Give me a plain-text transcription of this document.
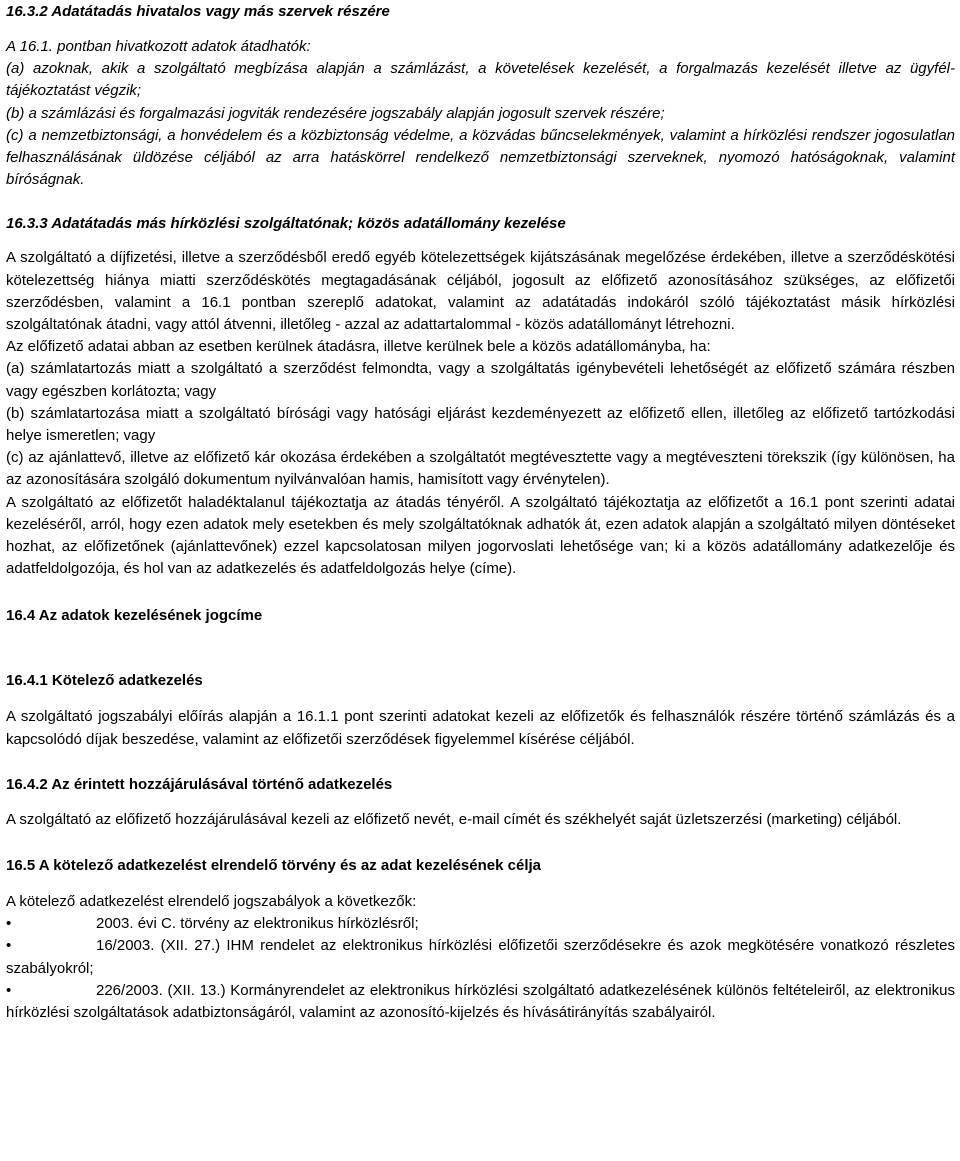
16.3.2 Adatátadás hivatalos vagy más szervek részére

A 16.1. pontban hivatkozott adatok átadhatók:

(a) azoknak, akik a szolgáltató megbízása alapján a számlázást, a követelések kezelését, a forgalmazás kezelését illetve az ügyfél-tájékoztatást végzik;

(b) a számlázási és forgalmazási jogviták rendezésére jogszabály alapján jogosult szervek részére;

(c) a nemzetbiztonsági, a honvédelem és a közbiztonság védelme, a közvádas bűncselekmények, valamint a hírközlési rendszer jogosulatlan felhasználásának üldözése céljából az arra hatáskörrel rendelkező nemzetbiztonsági szerveknek, nyomozó hatóságoknak, valamint bíróságnak.

16.3.3 Adatátadás más hírközlési szolgáltatónak; közös adatállomány kezelése

A szolgáltató a díjfizetési, illetve a szerződésből eredő egyéb kötelezettségek kijátszásának megelőzése érdekében, illetve a szerződéskötési kötelezettség hiánya miatti szerződéskötés megtagadásának céljából, jogosult az előfizető azonosításához szükséges, az előfizetői szerződésben, valamint a 16.1 pontban szereplő adatokat, valamint az adatátadás indokáról szóló tájékoztatást másik hírközlési szolgáltatónak átadni, vagy attól átvenni, illetőleg - azzal az adattartalommal - közös adatállományt létrehozni.

Az előfizető adatai abban az esetben kerülnek átadásra, illetve kerülnek bele a közös adatállományba, ha:

(a) számlatartozás miatt a szolgáltató a szerződést felmondta, vagy a szolgáltatás igénybevételi lehetőségét az előfizető számára részben vagy egészben korlátozta; vagy

(b) számlatartozása miatt a szolgáltató bírósági vagy hatósági eljárást kezdeményezett az előfizető ellen, illetőleg az előfizető tartózkodási helye ismeretlen; vagy

(c) az ajánlattevő, illetve az előfizető kár okozása érdekében a szolgáltatót megtévesztette vagy a megtéveszteni törekszik (így különösen, ha az azonosítására szolgáló dokumentum nyilvánvalóan hamis, hamisított vagy érvénytelen).

A szolgáltató az előfizetőt haladéktalanul tájékoztatja az átadás tényéről. A szolgáltató tájékoztatja az előfizetőt a 16.1 pont szerinti adatai kezeléséről, arról, hogy ezen adatok mely esetekben és mely szolgáltatóknak adhatók át, ezen adatok alapján a szolgáltató milyen döntéseket hozhat, az előfizetőnek (ajánlattevőnek) ezzel kapcsolatosan milyen jogorvoslati lehetősége van; ki a közös adatállomány adatkezelője és adatfeldolgozója, és hol van az adatkezelés és adatfeldolgozás helye (címe).

16.4 Az adatok kezelésének jogcíme
16.4.1 Kötelező adatkezelés

A szolgáltató jogszabályi előírás alapján a 16.1.1 pont szerinti adatokat kezeli az előfizetők és felhasználók részére történő számlázás és a kapcsolódó díjak beszedése, valamint az előfizetői szerződések figyelemmel kísérése céljából.

16.4.2 Az érintett hozzájárulásával történő adatkezelés

A szolgáltató az előfizető hozzájárulásával kezeli az előfizető nevét, e-mail címét és székhelyét saját üzletszerzési (marketing) céljából.

16.5 A kötelező adatkezelést elrendelő törvény és az adat kezelésének célja

A kötelező adatkezelést elrendelő jogszabályok a következők:

•	2003. évi C. törvény az elektronikus hírközlésről;

•	16/2003. (XII. 27.) IHM rendelet az elektronikus hírközlési előfizetői szerződésekre és azok megkötésére vonatkozó részletes szabályokról;

•	226/2003. (XII. 13.) Kormányrendelet az elektronikus hírközlési szolgáltató adatkezelésének különös feltételeiről, az elektronikus hírközlési szolgáltatások adatbiztonságáról, valamint az azonosító-kijelzés és hívásátirányítás szabályairól.
